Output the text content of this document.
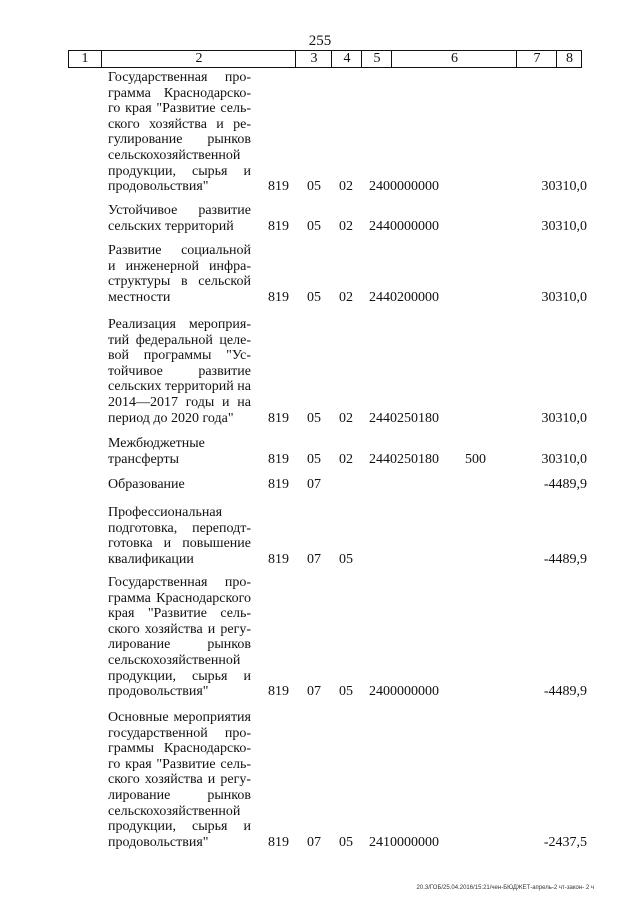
255
1	2	3	4	5	6	7	8
Государственная про-
грамма Краснодарско-
го края "Развитие сель-
ского хозяйства и ре-
гулирование рынков
сельскохозяйственной
продукции, сырья и
продовольствия"	819 05 02 2400000000	30310,0
Устойчивое развитие
сельских территорий	819 05 02 2440000000	30310,0
Развитие социальной
и инженерной инфра-
структуры в сельской
местности	819 05 02 2440200000	30310,0
Реализация мероприя-
тий федеральной целе-
вой программы "Ус-
тойчивое развитие
сельских территорий на
2014—2017 годы и на
период до 2020 года"	819 05 02 2440250180	30310,0
Межбюджетные
трансферты	819 05 02 2440250180 500	30310,0
Образование	819 07	-4489,9
Профессиональная
подготовка, переподт-
готовка и повышение
квалификации	819 07 05	-4489,9
Государственная про-
грамма Краснодарского
края "Развитие сель-
ского хозяйства и регу-
лирование рынков
сельскохозяйственной
продукции, сырья и
продовольствия"	819 07 05 2400000000	-4489,9
Основные мероприятия
государственной про-
граммы Краснодарско-
го края "Развитие сель-
ского хозяйства и регу-
лирование рынков
сельскохозяйственной
продукции, сырья и
продовольствия"	819 07 05 2410000000	-2437,5
20.3/ГОБ/25.04.2016/15:21/чен-БЮДЖЕТ-апрель-2 чт-закон- 2 ч
